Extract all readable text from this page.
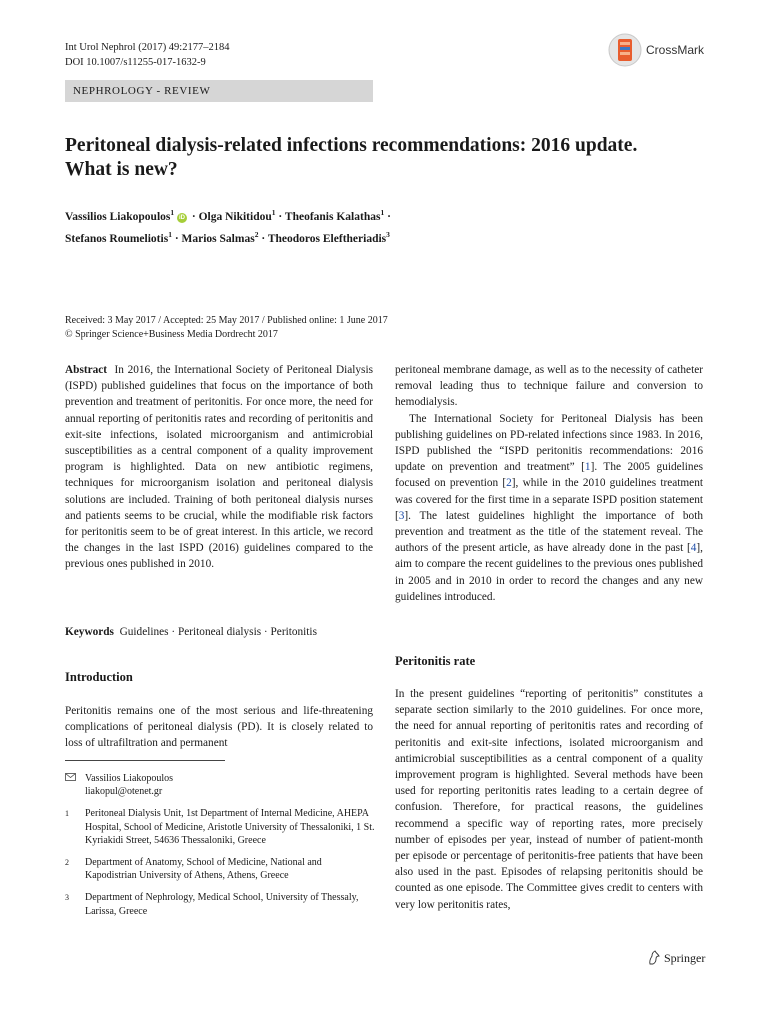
Int Urol Nephrol (2017) 49:2177–2184
DOI 10.1007/s11255-017-1632-9
CrossMark
NEPHROLOGY - REVIEW
Peritoneal dialysis-related infections recommendations: 2016 update. What is new?
Vassilios Liakopoulos$^1$ iD · Olga Nikitidou$^1$ · Theofanis Kalathas$^1$ ·
Stefanos Roumeliotis$^1$ · Marios Salmas$^2$ · Theodoros Eleftheriadis$^3$
Received: 3 May 2017 / Accepted: 25 May 2017 / Published online: 1 June 2017
© Springer Science+Business Media Dordrecht 2017

Abstract In 2016, the International Society of Peritoneal Dialysis (ISPD) published guidelines that focus on the importance of both prevention and treatment of peritonitis. For once more, the need for annual reporting of peritonitis rates and recording of peritonitis and exit-site infections, isolated microorganism and antimicrobial susceptibilities as a central component of a quality improvement program is highlighted. Data on new antibiotic regimens, techniques for microorganism isolation and peritoneal dialysis solutions are included. Training of both peritoneal dialysis nurses and patients seems to be crucial, while the modifiable risk factors for peritonitis seem to be of great interest. In this article, we record the changes in the last ISPD (2016) guidelines compared to the previous ones published in 2010.

Keywords Guidelines · Peritoneal dialysis · Peritonitis
Introduction
Peritonitis remains one of the most serious and life-threatening complications of peritoneal dialysis (PD). It is closely related to loss of ultrafiltration and permanent

Vassilios Liakopoulos

liakopul@otenet.gr

1	Peritoneal Dialysis Unit, 1st Department of Internal Medicine, AHEPA Hospital, School of Medicine, Aristotle University of Thessaloniki, 1 St. Kyriakidi Street, 54636 Thessaloniki, Greece

2	Department of Anatomy, School of Medicine, National and Kapodistrian University of Athens, Athens, Greece

3	Department of Nephrology, Medical School, University of Thessaly, Larissa, Greece

peritoneal membrane damage, as well as to the necessity of catheter removal leading thus to technique failure and conversion to hemodialysis.

The International Society for Peritoneal Dialysis has been publishing guidelines on PD-related infections since 1983. In 2016, ISPD published the “ISPD peritonitis recommendations: 2016 update on prevention and treatment” [1]. The 2005 guidelines focused on prevention [2], while in the 2010 guidelines treatment was covered for the first time in a separate ISPD position statement [3]. The latest guidelines highlight the importance of both prevention and treatment as the title of the statement reveal. The authors of the present article, as have already done in the past [4], aim to compare the recent guidelines to the previous ones published in 2005 and in 2010 in order to record the changes and any new guidelines introduced.

Peritonitis rate
In the present guidelines “reporting of peritonitis” constitutes a separate section similarly to the 2010 guidelines. For once more, the need for annual reporting of peritonitis rates and recording of peritonitis and exit-site infections, isolated microorganism and antimicrobial susceptibilities as a central component of a quality improvement program is highlighted. Several methods have been used for reporting peritonitis rates leading to a certain degree of confusion. Therefore, for practical reasons, the guidelines recommend a specific way of reporting rates, more precisely number of episodes per year, instead of number of patient-month per episode or percentage of peritonitis-free patients that have been also used in the past. Episodes of relapsing peritonitis should be counted as one episode. The Committee gives credit to centers with very low peritonitis rates,
Springer
